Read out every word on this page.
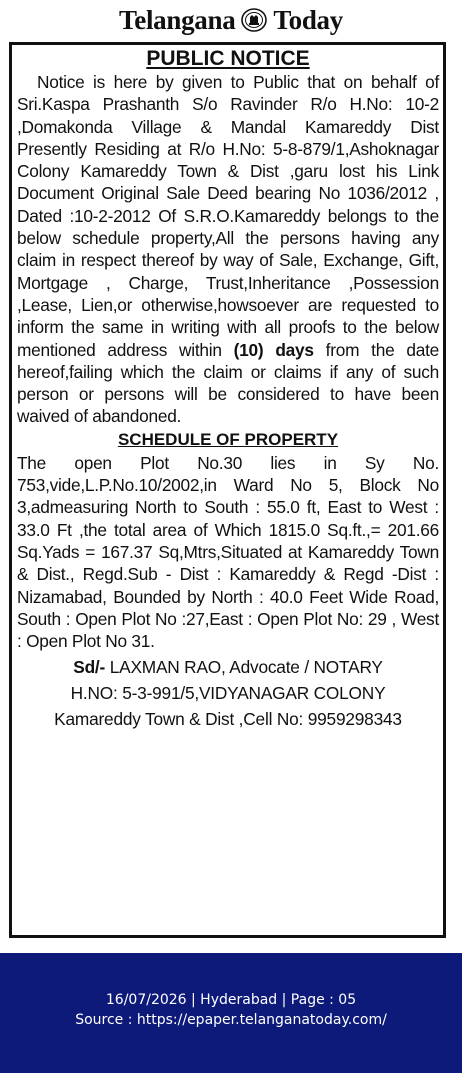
Telangana Today
PUBLIC NOTICE

Notice is here by given to Public that on behalf of Sri.Kaspa Prashanth S/o Ravinder R/o H.No: 10-2 ,Domakonda Village & Mandal Kamareddy Dist Presently Residing at R/o H.No: 5-8-879/1,Ashoknagar Colony Kamareddy Town & Dist ,garu lost his Link Document Original Sale Deed bearing No 1036/2012 , Dated :10-2-2012 Of S.R.O.Kamareddy belongs to the below schedule property,All the persons having any claim in respect thereof by way of Sale, Exchange, Gift, Mortgage , Charge, Trust,Inheritance ,Possession ,Lease, Lien,or otherwise,howsoever are requested to inform the same in writing with all proofs to the below mentioned address within (10) days from the date hereof,failing which the claim or claims if any of such person or persons will be considered to have been waived of abandoned.

SCHEDULE OF PROPERTY

The open Plot No.30 lies in Sy No. 753,vide,L.P.No.10/2002,in Ward No 5, Block No 3,admeasuring North to South : 55.0 ft, East to West : 33.0 Ft ,the total area of Which 1815.0 Sq.ft.,= 201.66 Sq.Yads = 167.37 Sq,Mtrs,Situated at Kamareddy Town & Dist., Regd.Sub - Dist : Kamareddy & Regd -Dist : Nizamabad, Bounded by North : 40.0 Feet Wide Road, South : Open Plot No :27,East : Open Plot No: 29 , West : Open Plot No 31.

Sd/- LAXMAN RAO, Advocate / NOTARY

H.NO: 5-3-991/5,VIDYANAGAR COLONY

Kamareddy Town & Dist ,Cell No: 9959298343

16/07/2026 | Hyderabad | Page : 05
Source : https://epaper.telanganatoday.com/
